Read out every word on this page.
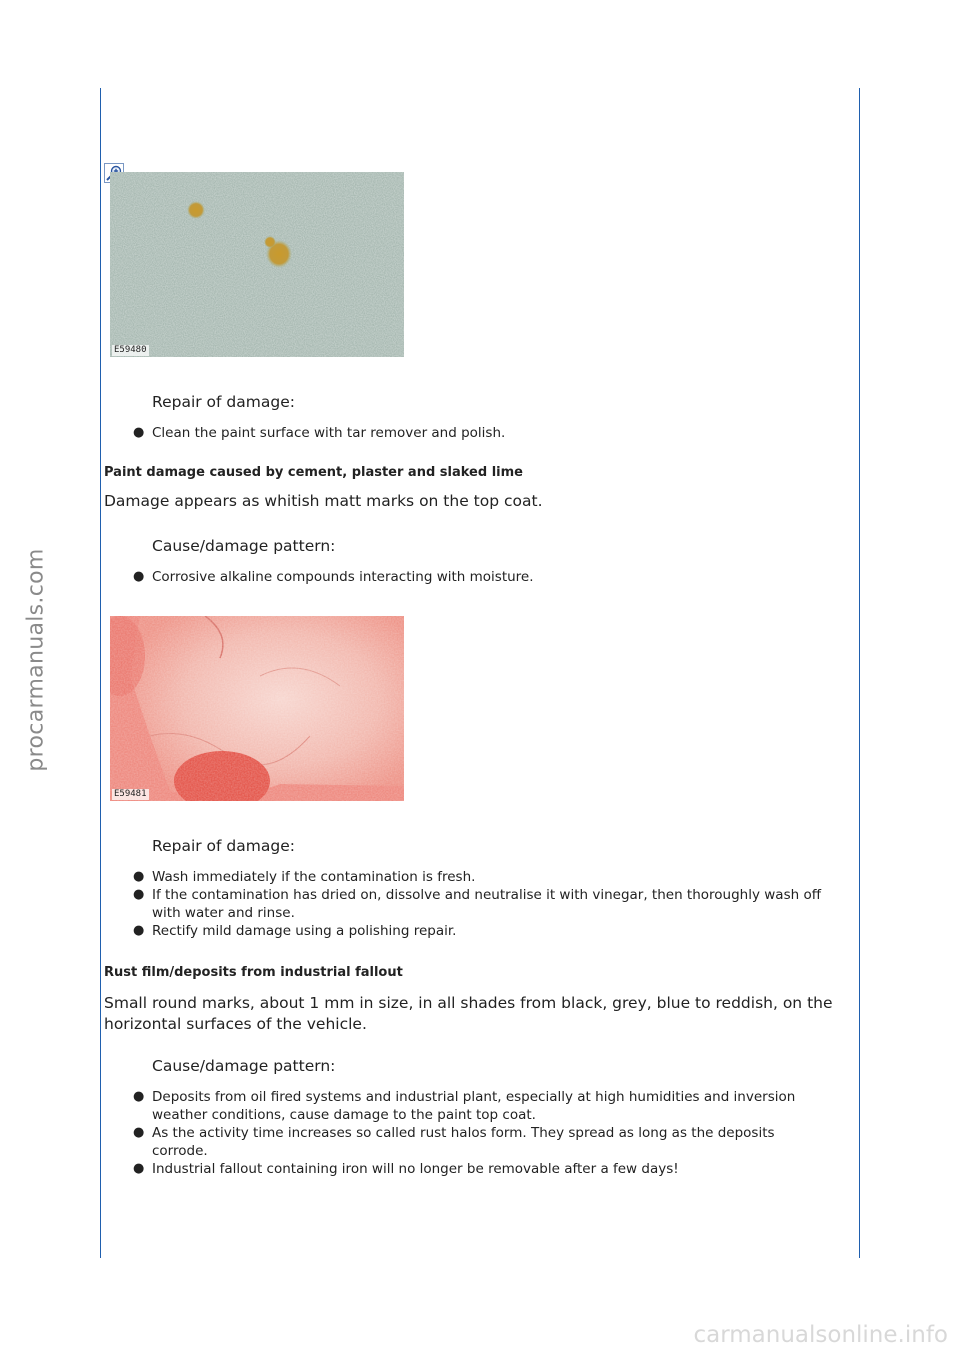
procarmanuals.com
carmanualsonline.info
E59480
E59481
Repair of damage:
● Clean the paint surface with tar remover and polish.
Paint damage caused by cement, plaster and slaked lime

Damage appears as whitish matt marks on the top coat.

Cause/damage pattern:
● Corrosive alkaline compounds interacting with moisture.
Repair of damage:
● Wash immediately if the contamination is fresh.
● If the contamination has dried on, dissolve and neutralise it with vinegar, then thoroughly wash off with water and rinse.
● Rectify mild damage using a polishing repair.
Rust film/deposits from industrial fallout

Small round marks, about 1 mm in size, in all shades from black, grey, blue to reddish, on the horizontal surfaces of the vehicle.

Cause/damage pattern:
● Deposits from oil fired systems and industrial plant, especially at high humidities and inversion weather conditions, cause damage to the paint top coat.
● As the activity time increases so called rust halos form. They spread as long as the deposits corrode.
● Industrial fallout containing iron will no longer be removable after a few days!
